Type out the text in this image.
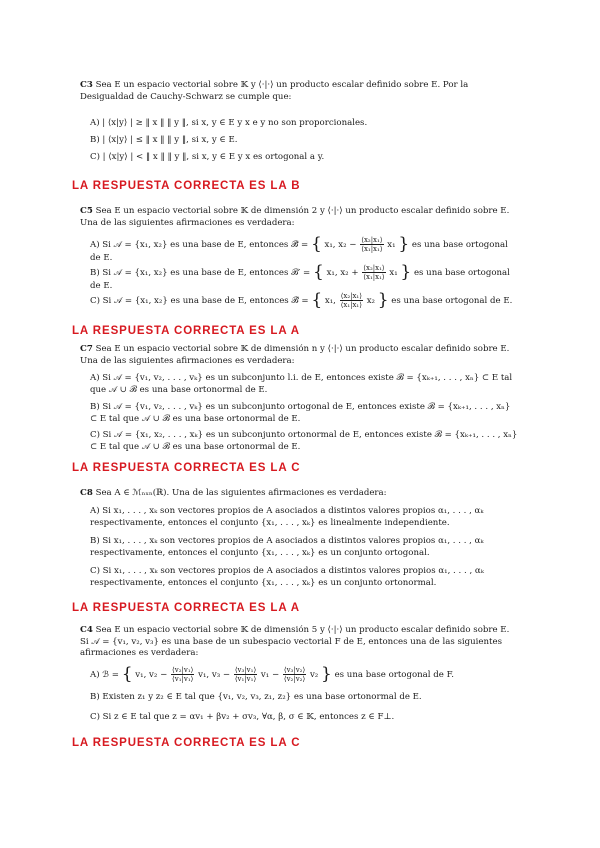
C3 Sea E un espacio vectorial sobre 𝕂 y ⟨·|·⟩ un producto escalar definido sobre E. Por la Desigualdad de Cauchy-Schwarz se cumple que:
A) | ⟨x|y⟩ | ≥ ‖ x ‖ ‖ y ‖, si x, y ∈ E y x e y no son proporcionales.
B) | ⟨x|y⟩ | ≤ ‖ x ‖ ‖ y ‖, si x, y ∈ E.
C) | ⟨x|y⟩ | < ‖ x ‖ ‖ y ‖, si x, y ∈ E y x es ortogonal a y.
LA RESPUESTA CORRECTA ES LA B
C5 Sea E un espacio vectorial sobre 𝕂 de dimensión 2 y ⟨·|·⟩ un producto escalar definido sobre E. Una de las siguientes afirmaciones es verdadera:
A) Si 𝒜 = {x₁, x₂} es una base de E, entonces ℬ̃ = { x₁, $x_2 - \frac{\text{⟨x₂|x₁⟩}}{\text{⟨x₁|x₁⟩}} x_1$ } es una base ortogonal de E.
B) Si 𝒜 = {x₁, x₂} es una base de E, entonces ℬ′ = { x₁, $x_2 + \frac{\text{⟨x₂|x₁⟩}}{\text{⟨x₁|x₁⟩}} x_1$ } es una base ortogonal de E.
C) Si 𝒜 = {x₁, x₂} es una base de E, entonces ℬ̂ = { x₁, $\frac{\text{⟨x₂|x₁⟩}}{\text{⟨x₁|x₁⟩}} x_2$ } es una base ortogonal de E.
LA RESPUESTA CORRECTA ES LA A
C7 Sea E un espacio vectorial sobre 𝕂 de dimensión n y ⟨·|·⟩ un producto escalar definido sobre E. Una de las siguientes afirmaciones es verdadera:
A) Si 𝒜 = {v₁, v₂, . . . , vₖ} es un subconjunto l.i. de E, entonces existe ℬ = {xₖ₊₁, . . . , xₙ} ⊂ E tal que 𝒜 ∪ ℬ es una base ortonormal de E.
B) Si 𝒜 = {v₁, v₂, . . . , vₖ} es un subconjunto ortogonal de E, entonces existe ℬ = {xₖ₊₁, . . . , xₙ} ⊂ E tal que 𝒜 ∪ ℬ es una base ortonormal de E.
C) Si 𝒜 = {x₁, x₂, . . . , xₖ} es un subconjunto ortonormal de E, entonces existe ℬ = {xₖ₊₁, . . . , xₙ} ⊂ E tal que 𝒜 ∪ ℬ es una base ortonormal de E.
LA RESPUESTA CORRECTA ES LA C
C8 Sea A ∈ ℳₙₓₙ(ℝ). Una de las siguientes afirmaciones es verdadera:
A) Si x₁, . . . , xₖ son vectores propios de A asociados a distintos valores propios α₁, . . . , αₖ respectivamente, entonces el conjunto {x₁, . . . , xₖ} es linealmente independiente.
B) Si x₁, . . . , xₖ son vectores propios de A asociados a distintos valores propios α₁, . . . , αₖ respectivamente, entonces el conjunto {x₁, . . . , xₖ} es un conjunto ortogonal.
C) Si x₁, . . . , xₖ son vectores propios de A asociados a distintos valores propios α₁, . . . , αₖ respectivamente, entonces el conjunto {x₁, . . . , xₖ} es un conjunto ortonormal.
LA RESPUESTA CORRECTA ES LA A
C4 Sea E un espacio vectorial sobre 𝕂 de dimensión 5 y ⟨·|·⟩ un producto escalar definido sobre E. Si 𝒜 = {v₁, v₂, v₃} es una base de un subespacio vectorial F de E, entonces una de las siguientes afirmaciones es verdadera:
A) ℬ = { v₁, $v_2 - \frac{\text{⟨v₂|v₁⟩}}{\text{⟨v₁|v₁⟩}} v_1$, $v_3 - \frac{\text{⟨v₃|v₁⟩}}{\text{⟨v₁|v₁⟩}} v_1 - \frac{\text{⟨v₃|v₂⟩}}{\text{⟨v₂|v₂⟩}} v_2$ } es una base ortogonal de F.
B) Existen z₁ y z₂ ∈ E tal que {v₁, v₂, v₃, z₁, z₂} es una base ortonormal de E.
C) Si z ∈ E tal que z = αv₁ + βv₂ + σv₃, ∀α, β, σ ∈ 𝕂, entonces z ∈ F⊥.
LA RESPUESTA CORRECTA ES LA C
